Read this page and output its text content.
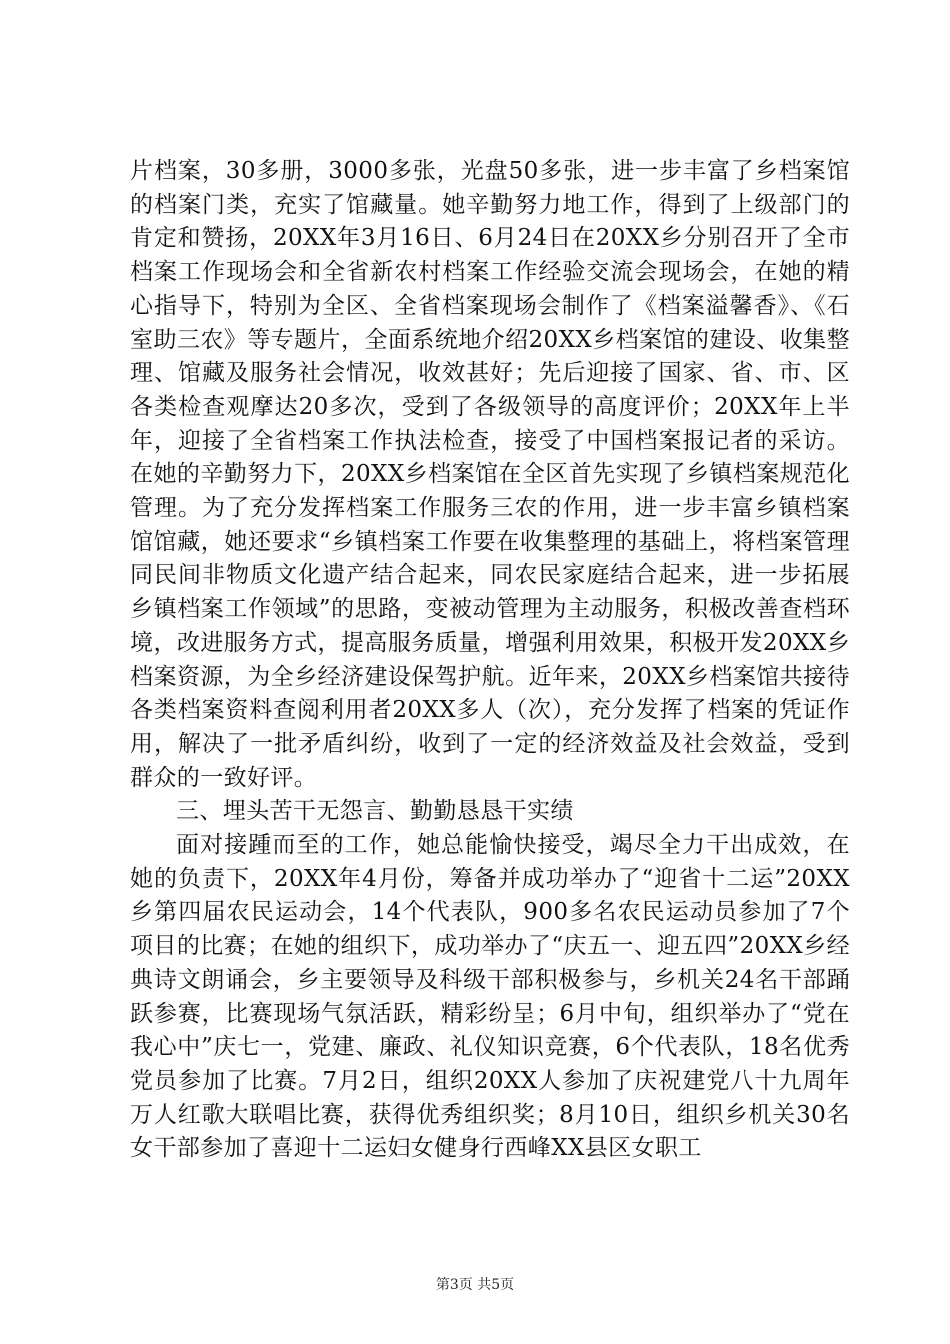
片档案，30多册，3000多张，光盘50多张，进一步丰富了乡档案馆的档案门类，充实了馆藏量。她辛勤努力地工作，得到了上级部门的肯定和赞扬，20XX年3月16日、6月24日在20XX乡分别召开了全市档案工作现场会和全省新农村档案工作经验交流会现场会，在她的精心指导下，特别为全区、全省档案现场会制作了《档案溢馨香》、《石室助三农》等专题片，全面系统地介绍20XX乡档案馆的建设、收集整理、馆藏及服务社会情况，收效甚好；先后迎接了国家、省、市、区各类检查观摩达20多次，受到了各级领导的高度评价；20XX年上半年，迎接了全省档案工作执法检查，接受了中国档案报记者的采访。在她的辛勤努力下，20XX乡档案馆在全区首先实现了乡镇档案规范化管理。为了充分发挥档案工作服务三农的作用，进一步丰富乡镇档案馆馆藏，她还要求“乡镇档案工作要在收集整理的基础上，将档案管理同民间非物质文化遗产结合起来，同农民家庭结合起来，进一步拓展乡镇档案工作领域”的思路，变被动管理为主动服务，积极改善查档环境，改进服务方式，提高服务质量，增强利用效果，积极开发20XX乡档案资源，为全乡经济建设保驾护航。近年来，20XX乡档案馆共接待各类档案资料查阅利用者20XX多人（次），充分发挥了档案的凭证作用，解决了一批矛盾纠纷，收到了一定的经济效益及社会效益，受到群众的一致好评。

三、埋头苦干无怨言、勤勤恳恳干实绩

面对接踵而至的工作，她总能愉快接受，竭尽全力干出成效，在她的负责下，20XX年4月份，筹备并成功举办了“迎省十二运”20XX乡第四届农民运动会，14个代表队，900多名农民运动员参加了7个项目的比赛；在她的组织下，成功举办了“庆五一、迎五四”20XX乡经典诗文朗诵会，乡主要领导及科级干部积极参与，乡机关24名干部踊跃参赛，比赛现场气氛活跃，精彩纷呈；6月中旬，组织举办了“党在我心中”庆七一，党建、廉政、礼仪知识竞赛，6个代表队，18名优秀党员参加了比赛。7月2日，组织20XX人参加了庆祝建党八十九周年万人红歌大联唱比赛，获得优秀组织奖；8月10日，组织乡机关30名女干部参加了喜迎十二运妇女健身行西峰XX县区女职工

第3页 共5页
